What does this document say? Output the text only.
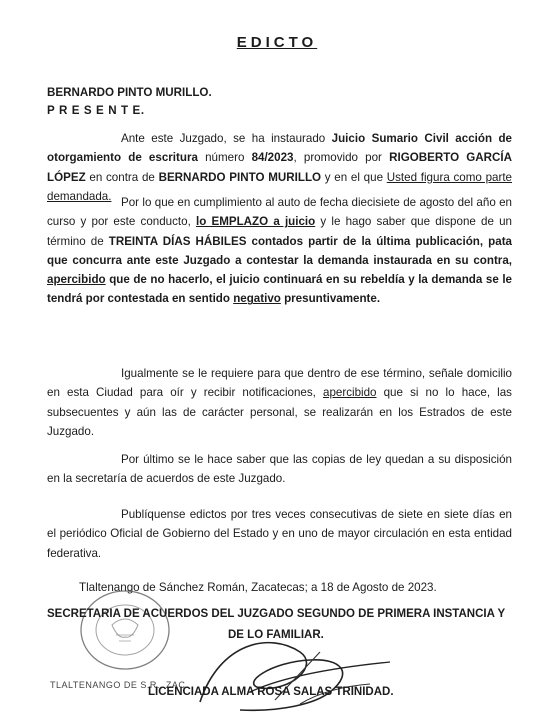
EDICTO
BERNARDO PINTO MURILLO.
P R E S E N T E.
Ante este Juzgado, se ha instaurado Juicio Sumario Civil acción de otorgamiento de escritura número 84/2023, promovido por RIGOBERTO GARCÍA LÓPEZ en contra de BERNARDO PINTO MURILLO y en el que Usted figura como parte demandada. Por lo que en cumplimiento al auto de fecha diecisiete de agosto del año en curso y por este conducto, lo EMPLAZO a juicio y le hago saber que dispone de un término de TREINTA DÍAS HÁBILES contados partir de la última publicación, pata que concurra ante este Juzgado a contestar la demanda instaurada en su contra, apercibido que de no hacerlo, el juicio continuará en su rebeldía y la demanda se le tendrá por contestada en sentido negativo presuntivamente.
Igualmente se le requiere para que dentro de ese término, señale domicilio en esta Ciudad para oír y recibir notificaciones, apercibido que si no lo hace, las subsecuentes y aún las de carácter personal, se realizarán en los Estrados de este Juzgado.
Por último se le hace saber que las copias de ley quedan a su disposición en la secretaría de acuerdos de este Juzgado.
Publíquense edictos por tres veces consecutivas de siete en siete días en el periódico Oficial de Gobierno del Estado y en uno de mayor circulación en esta entidad federativa.
Tlaltenango de Sánchez Román, Zacatecas; a 18 de Agosto de 2023.
SECRETARIA DE ACUERDOS DEL JUZGADO SEGUNDO DE PRIMERA INSTANCIA Y
DE LO FAMILIAR.
TLALTENANGO DE S.R., ZAC
LICENCIADA ALMA ROSA SALAS TRINIDAD.
